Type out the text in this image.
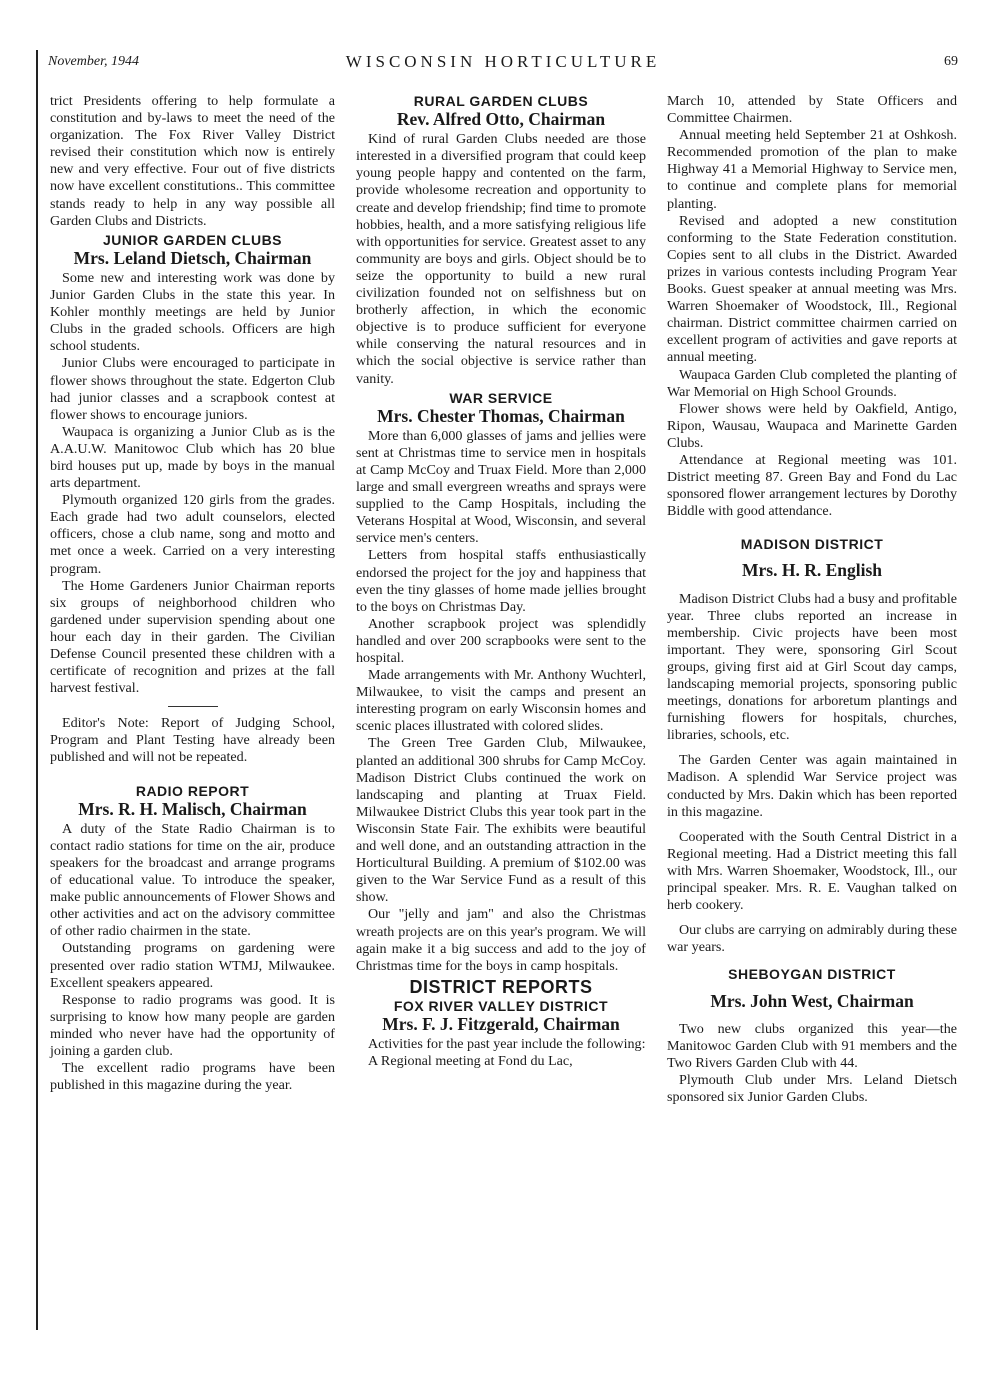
November, 1944	WISCONSIN HORTICULTURE	69

trict Presidents offering to help formulate a constitution and by-laws to meet the need of the organization. The Fox River Valley District revised their constitution which now is entirely new and very effective. Four out of five districts now have excellent constitutions.. This committee stands ready to help in any way possible all Garden Clubs and Districts.

JUNIOR GARDEN CLUBS
Mrs. Leland Dietsch, Chairman

Some new and interesting work was done by Junior Garden Clubs in the state this year. In Kohler monthly meetings are held by Junior Clubs in the graded schools. Officers are high school students.

Junior Clubs were encouraged to participate in flower shows throughout the state. Edgerton Club had junior classes and a scrapbook contest at flower shows to encourage juniors.

Waupaca is organizing a Junior Club as is the A.A.U.W. Manitowoc Club which has 20 blue bird houses put up, made by boys in the manual arts department.

Plymouth organized 120 girls from the grades. Each grade had two adult counselors, elected officers, chose a club name, song and motto and met once a week. Carried on a very interesting program.

The Home Gardeners Junior Chairman reports six groups of neighborhood children who gardened under supervision spending about one hour each day in their garden. The Civilian Defense Council presented these children with a certificate of recognition and prizes at the fall harvest festival.

Editor's Note: Report of Judging School, Program and Plant Testing have already been published and will not be repeated.

RADIO REPORT
Mrs. R. H. Malisch, Chairman

A duty of the State Radio Chairman is to contact radio stations for time on the air, produce speakers for the broadcast and arrange programs of educational value. To introduce the speaker, make public announcements of Flower Shows and other activities and act on the advisory committee of other radio chairmen in the state.

Outstanding programs on gardening were presented over radio station WTMJ, Milwaukee. Excellent speakers appeared.

Response to radio programs was good. It is surprising to know how many people are garden minded who never have had the opportunity of joining a garden club.

The excellent radio programs have been published in this magazine during the year.

RURAL GARDEN CLUBS
Rev. Alfred Otto, Chairman

Kind of rural Garden Clubs needed are those interested in a diversified program that could keep young people happy and contented on the farm, provide wholesome recreation and opportunity to create and develop friendship; find time to promote hobbies, health, and a more satisfying religious life with opportunities for service. Greatest asset to any community are boys and girls. Object should be to seize the opportunity to build a new rural civilization founded not on selfishness but on brotherly affection, in which the economic objective is to produce sufficient for everyone while conserving the natural resources and in which the social objective is service rather than vanity.

WAR SERVICE
Mrs. Chester Thomas, Chairman

More than 6,000 glasses of jams and jellies were sent at Christmas time to service men in hospitals at Camp McCoy and Truax Field. More than 2,000 large and small evergreen wreaths and sprays were supplied to the Camp Hospitals, including the Veterans Hospital at Wood, Wisconsin, and several service men's centers.

Letters from hospital staffs enthusiastically endorsed the project for the joy and happiness that even the tiny glasses of home made jellies brought to the boys on Christmas Day.

Another scrapbook project was splendidly handled and over 200 scrapbooks were sent to the hospital.

Made arrangements with Mr. Anthony Wuchterl, Milwaukee, to visit the camps and present an interesting program on early Wisconsin homes and scenic places illustrated with colored slides.

The Green Tree Garden Club, Milwaukee, planted an additional 300 shrubs for Camp McCoy. Madison District Clubs continued the work on landscaping and planting at Truax Field. Milwaukee District Clubs this year took part in the Wisconsin State Fair. The exhibits were beautiful and well done, and an outstanding attraction in the Horticultural Building. A premium of $102.00 was given to the War Service Fund as a result of this show.

Our "jelly and jam" and also the Christmas wreath projects are on this year's program. We will again make it a big success and add to the joy of Christmas time for the boys in camp hospitals.

DISTRICT REPORTS
FOX RIVER VALLEY DISTRICT
Mrs. F. J. Fitzgerald, Chairman

Activities for the past year include the following:

A Regional meeting at Fond du Lac,

March 10, attended by State Officers and Committee Chairmen.

Annual meeting held September 21 at Oshkosh. Recommended promotion of the plan to make Highway 41 a Memorial Highway to Service men, to continue and complete plans for memorial planting.

Revised and adopted a new constitution conforming to the State Federation constitution. Copies sent to all clubs in the District. Awarded prizes in various contests including Program Year Books. Guest speaker at annual meeting was Mrs. Warren Shoemaker of Woodstock, Ill., Regional chairman. District committee chairmen carried on excellent program of activities and gave reports at annual meeting.

Waupaca Garden Club completed the planting of War Memorial on High School Grounds.

Flower shows were held by Oakfield, Antigo, Ripon, Wausau, Waupaca and Marinette Garden Clubs.

Attendance at Regional meeting was 101. District meeting 87. Green Bay and Fond du Lac sponsored flower arrangement lectures by Dorothy Biddle with good attendance.

MADISON DISTRICT
Mrs. H. R. English

Madison District Clubs had a busy and profitable year. Three clubs reported an increase in membership. Civic projects have been most important. They were, sponsoring Girl Scout groups, giving first aid at Girl Scout day camps, landscaping memorial projects, sponsoring public meetings, donations for arboretum plantings and furnishing flowers for hospitals, churches, libraries, schools, etc.

The Garden Center was again maintained in Madison. A splendid War Service project was conducted by Mrs. Dakin which has been reported in this magazine.

Cooperated with the South Central District in a Regional meeting. Had a District meeting this fall with Mrs. Warren Shoemaker, Woodstock, Ill., our principal speaker. Mrs. R. E. Vaughan talked on herb cookery.

Our clubs are carrying on admirably during these war years.

SHEBOYGAN DISTRICT
Mrs. John West, Chairman

Two new clubs organized this year—the Manitowoc Garden Club with 91 members and the Two Rivers Garden Club with 44.

Plymouth Club under Mrs. Leland Dietsch sponsored six Junior Garden Clubs.
